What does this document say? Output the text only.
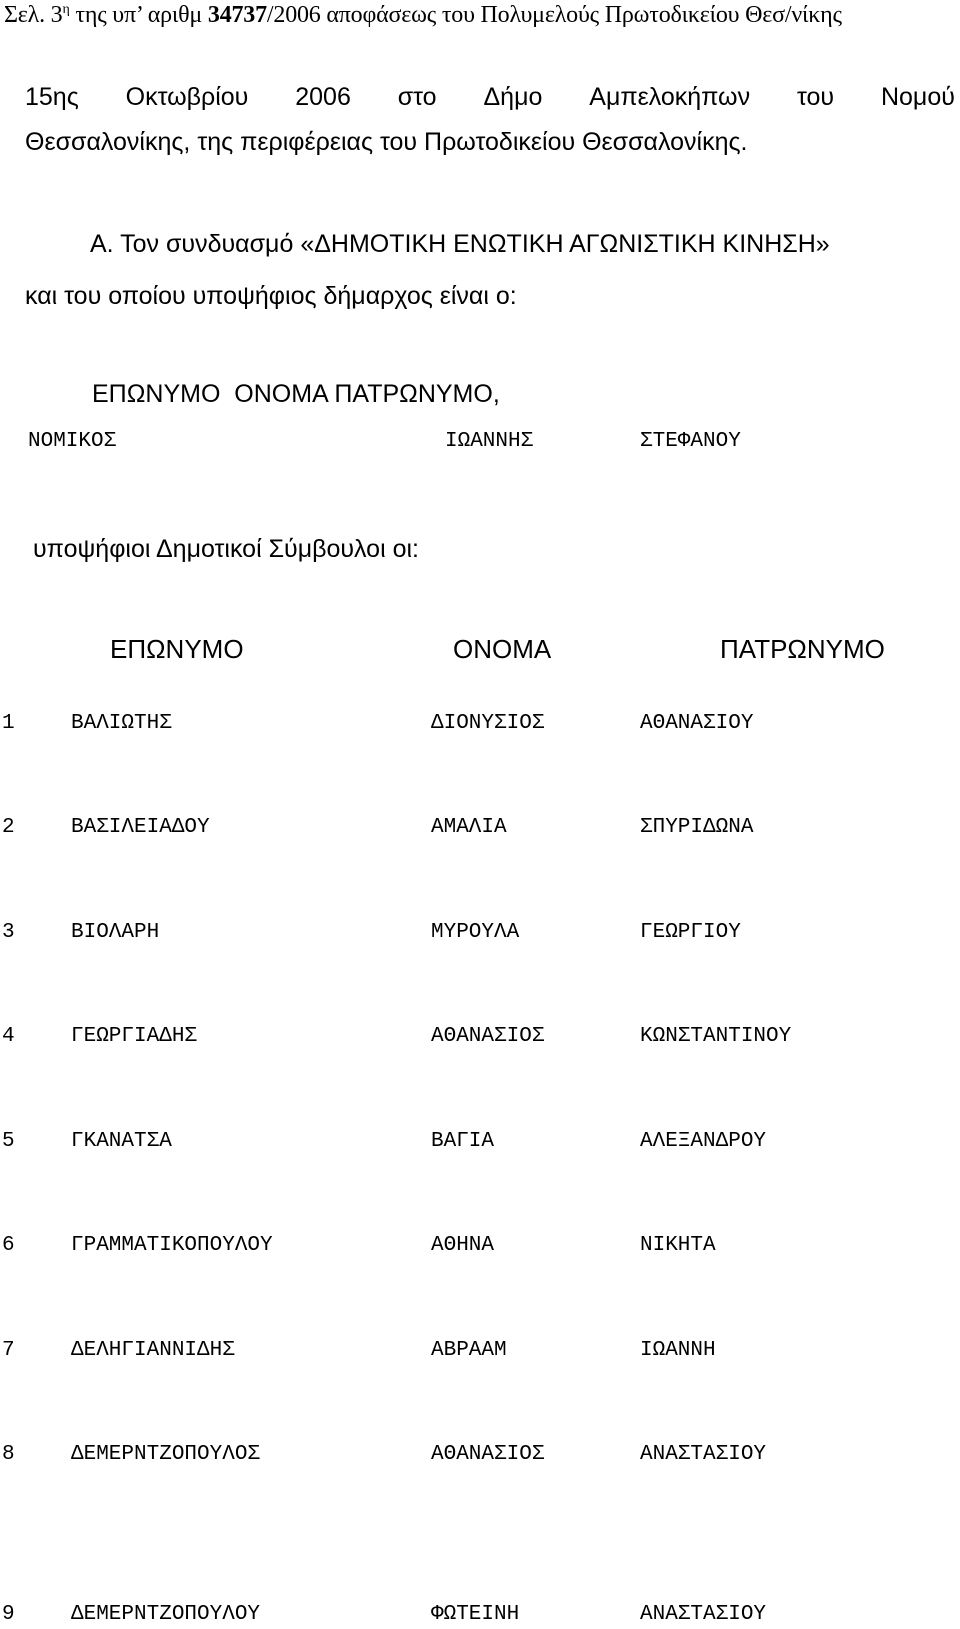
Σελ. $3^\eta$ της υπ’ αριθμ 34737/2006 αποφάσεως του Πολυμελούς Πρωτοδικείου Θεσ/νίκης
15ης Οκτωβρίου 2006 στο Δήμο Αμπελοκήπων του Νομού
Θεσσαλονίκης, της περιφέρειας του Πρωτοδικείου Θεσσαλονίκης.
Α. Τον συνδυασμό «ΔΗΜΟΤΙΚΗ ΕΝΩΤΙΚΗ ΑΓΩΝΙΣΤΙΚΗ ΚΙΝΗΣΗ»
και του οποίου υποψήφιος δήμαρχος είναι ο:
ΕΠΩΝΥΜΟ  ΟΝΟΜΑ ΠΑΤΡΩΝΥΜΟ,
ΝΟΜΙΚΟΣ	ΙΩΑΝΝΗΣ	ΣΤΕΦΑΝΟΥ
υποψήφιοι Δημοτικοί Σύμβουλοι οι:
ΕΠΩΝΥΜΟ	ΟΝΟΜΑ	ΠΑΤΡΩΝΥΜΟ
1	ΒΑΛΙΩΤΗΣ	ΔΙΟΝΥΣΙΟΣ	ΑΘΑΝΑΣΙΟΥ
2	ΒΑΣΙΛΕΙΑΔΟΥ	ΑΜΑΛΙΑ	ΣΠΥΡΙΔΩΝΑ
3	ΒΙΟΛΑΡΗ	ΜΥΡΟΥΛΑ	ΓΕΩΡΓΙΟΥ
4	ΓΕΩΡΓΙΑΔΗΣ	ΑΘΑΝΑΣΙΟΣ	ΚΩΝΣΤΑΝΤΙΝΟΥ
5	ΓΚΑΝΑΤΣΑ	ΒΑΓΙΑ	ΑΛΕΞΑΝΔΡΟΥ
6	ΓΡΑΜΜΑΤΙΚΟΠΟΥΛΟΥ	ΑΘΗΝΑ	ΝΙΚΗΤΑ
7	ΔΕΛΗΓΙΑΝΝΙΔΗΣ	ΑΒΡΑΑΜ	ΙΩΑΝΝΗ
8	ΔΕΜΕΡΝΤΖΟΠΟΥΛΟΣ	ΑΘΑΝΑΣΙΟΣ	ΑΝΑΣΤΑΣΙΟΥ
9	ΔΕΜΕΡΝΤΖΟΠΟΥΛΟΥ	ΦΩΤΕΙΝΗ	ΑΝΑΣΤΑΣΙΟΥ
